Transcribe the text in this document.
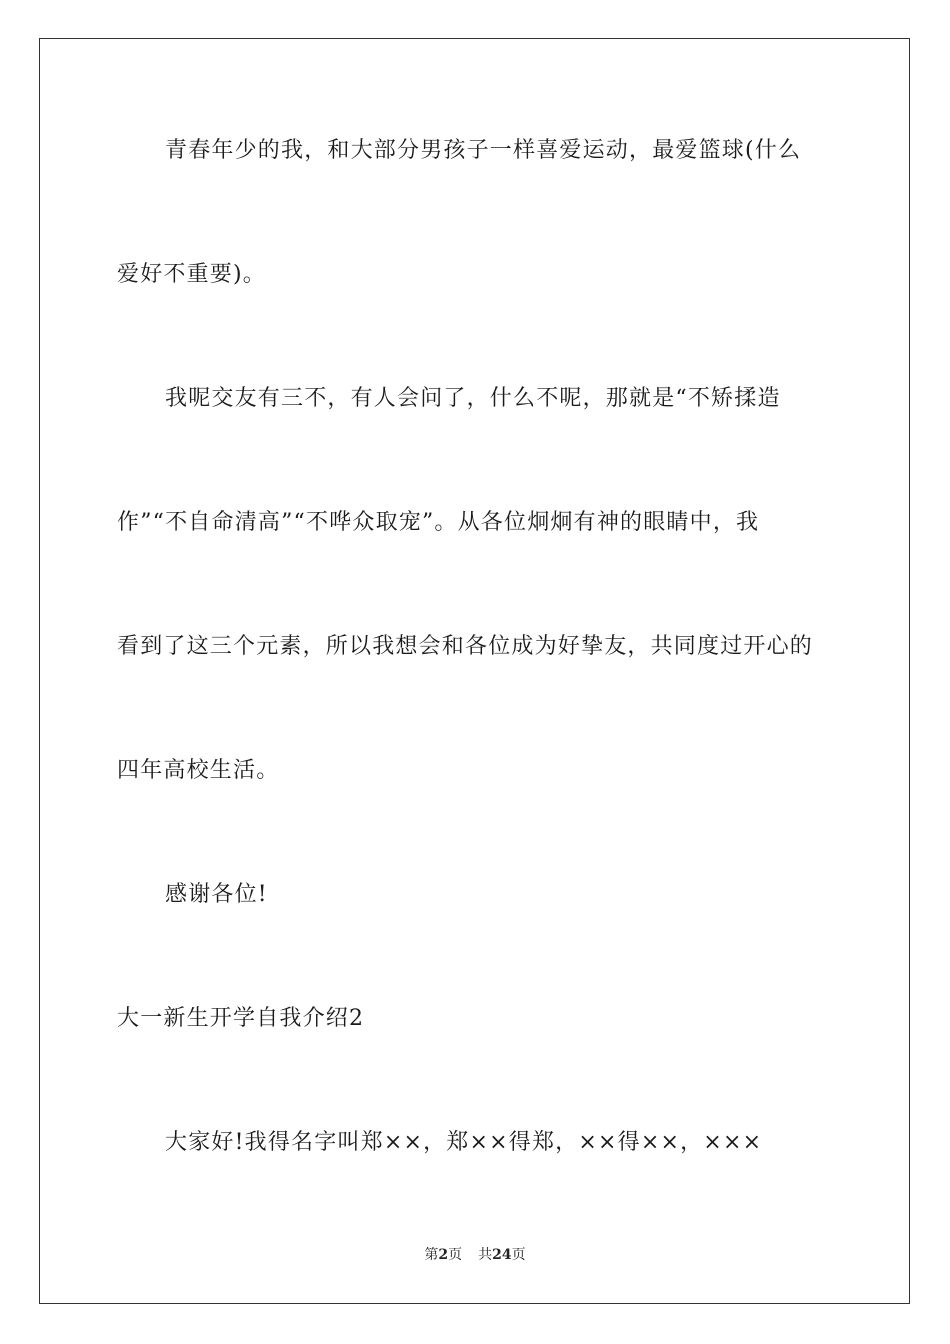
青春年少的我，和大部分男孩子一样喜爱运动，最爱篮球(什么
爱好不重要)。
我呢交友有三不，有人会问了，什么不呢，那就是“不矫揉造
作”“不自命清高”“不哗众取宠”。从各位炯炯有神的眼睛中，我
看到了这三个元素，所以我想会和各位成为好挚友，共同度过开心的
四年高校生活。
感谢各位!
大一新生开学自我介绍2
大家好!我得名字叫郑××，郑××得郑，××得××，×××
第2页 共24页
